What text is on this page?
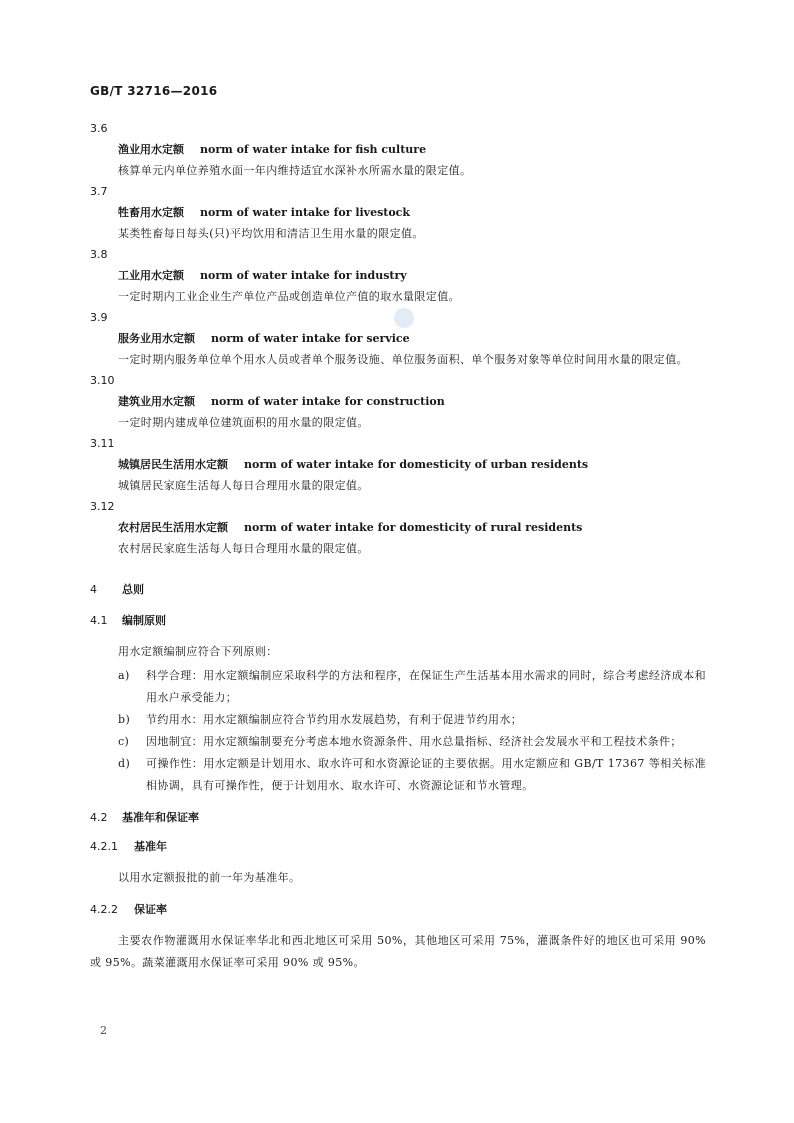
GB/T 32716—2016
3.6
渔业用水定额 norm of water intake for fish culture
核算单元内单位养殖水面一年内维持适宜水深补水所需水量的限定值。
3.7
牲畜用水定额 norm of water intake for livestock
某类牲畜每日每头(只)平均饮用和清洁卫生用水量的限定值。
3.8
工业用水定额 norm of water intake for industry
一定时期内工业企业生产单位产品或创造单位产值的取水量限定值。
3.9
服务业用水定额 norm of water intake for service
一定时期内服务单位单个用水人员或者单个服务设施、单位服务面积、单个服务对象等单位时间用水量的限定值。
3.10
建筑业用水定额 norm of water intake for construction
一定时期内建成单位建筑面积的用水量的限定值。
3.11
城镇居民生活用水定额 norm of water intake for domesticity of urban residents
城镇居民家庭生活每人每日合理用水量的限定值。
3.12
农村居民生活用水定额 norm of water intake for domesticity of rural residents
农村居民家庭生活每人每日合理用水量的限定值。
4 总则
4.1 编制原则
用水定额编制应符合下列原则：
a) 科学合理：用水定额编制应采取科学的方法和程序，在保证生产生活基本用水需求的同时，综合考虑经济成本和用水户承受能力；
b) 节约用水：用水定额编制应符合节约用水发展趋势，有利于促进节约用水；
c) 因地制宜：用水定额编制要充分考虑本地水资源条件、用水总量指标、经济社会发展水平和工程技术条件；
d) 可操作性：用水定额是计划用水、取水许可和水资源论证的主要依据。用水定额应和 GB/T 17367 等相关标准相协调，具有可操作性，便于计划用水、取水许可、水资源论证和节水管理。
4.2 基准年和保证率
4.2.1 基准年
以用水定额报批的前一年为基准年。
4.2.2 保证率
主要农作物灌溉用水保证率华北和西北地区可采用 50%，其他地区可采用 75%，灌溉条件好的地区也可采用 90% 或 95%。蔬菜灌溉用水保证率可采用 90% 或 95%。
2
